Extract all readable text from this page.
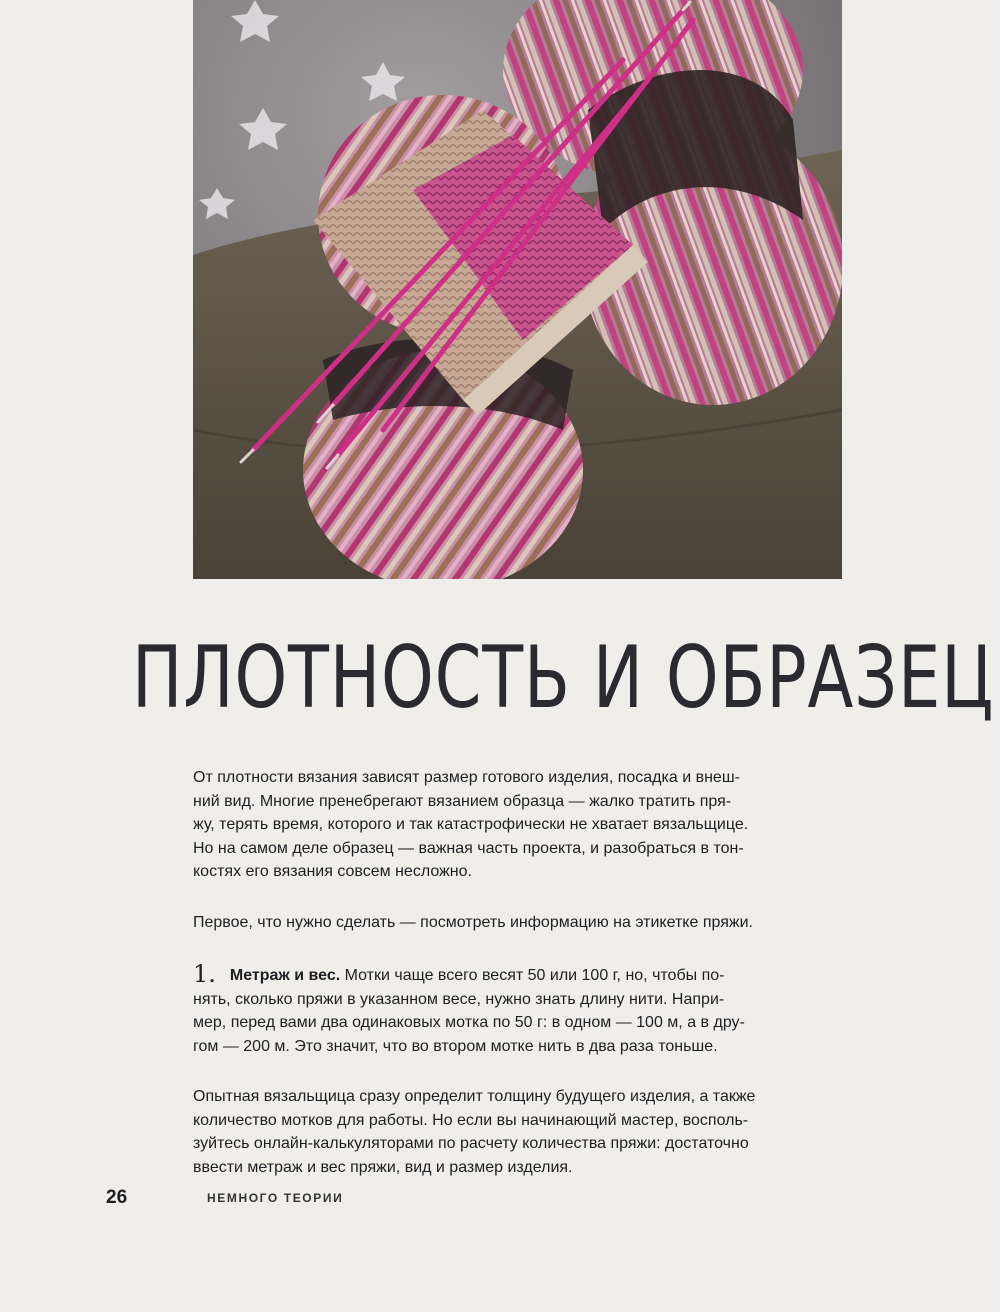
ПЛОТНОСТЬ И ОБРАЗЕЦ

От плотности вязания зависят размер готового изделия, посадка и внеш-
ний вид. Многие пренебрегают вязанием образца — жалко тратить пря-
жу, терять время, которого и так катастрофически не хватает вязальщице.
Но на самом деле образец — важная часть проекта, и разобраться в тон-
костях его вязания совсем несложно.

Первое, что нужно сделать — посмотреть информацию на этикетке пряжи.

1. Метраж и вес. Мотки чаще всего весят 50 или 100 г, но, чтобы по-
нять, сколько пряжи в указанном весе, нужно знать длину нити. Напри-
мер, перед вами два одинаковых мотка по 50 г: в одном — 100 м, а в дру-
гом — 200 м. Это значит, что во втором мотке нить в два раза тоньше.

Опытная вязальщица сразу определит толщину будущего изделия, а также
количество мотков для работы. Но если вы начинающий мастер, восполь-
зуйтесь онлайн-калькуляторами по расчету количества пряжи: достаточно
ввести метраж и вес пряжи, вид и размер изделия.

26	НЕМНОГО ТЕОРИИ
